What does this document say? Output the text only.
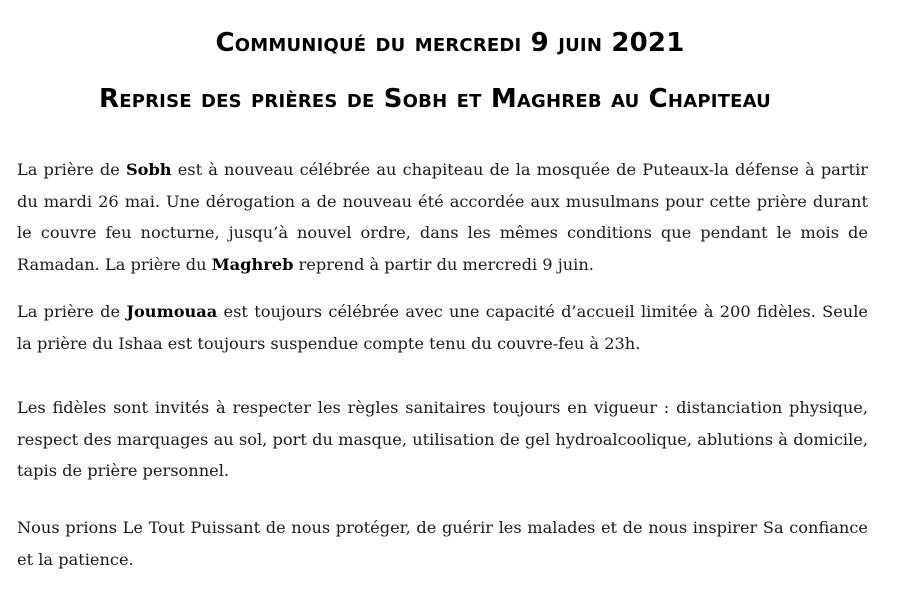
Communiqué du mercredi 9 juin 2021
Reprise des prières de Sobh et Maghreb au Chapiteau

La prière de Sobh est à nouveau célébrée au chapiteau de la mosquée de Puteaux-la défense à partir du mardi 26 mai. Une dérogation a de nouveau été accordée aux musulmans pour cette prière durant le couvre feu nocturne, jusqu’à nouvel ordre, dans les mêmes conditions que pendant le mois de Ramadan. La prière du Maghreb reprend à partir du mercredi 9 juin.

La prière de Joumouaa est toujours célébrée avec une capacité d’accueil limitée à 200 fidèles. Seule la prière du Ishaa est toujours suspendue compte tenu du couvre-feu à 23h.

Les fidèles sont invités à respecter les règles sanitaires toujours en vigueur : distanciation physique, respect des marquages au sol, port du masque, utilisation de gel hydroalcoolique, ablutions à domicile, tapis de prière personnel.

Nous prions Le Tout Puissant de nous protéger, de guérir les malades et de nous inspirer Sa confiance et la patience.
